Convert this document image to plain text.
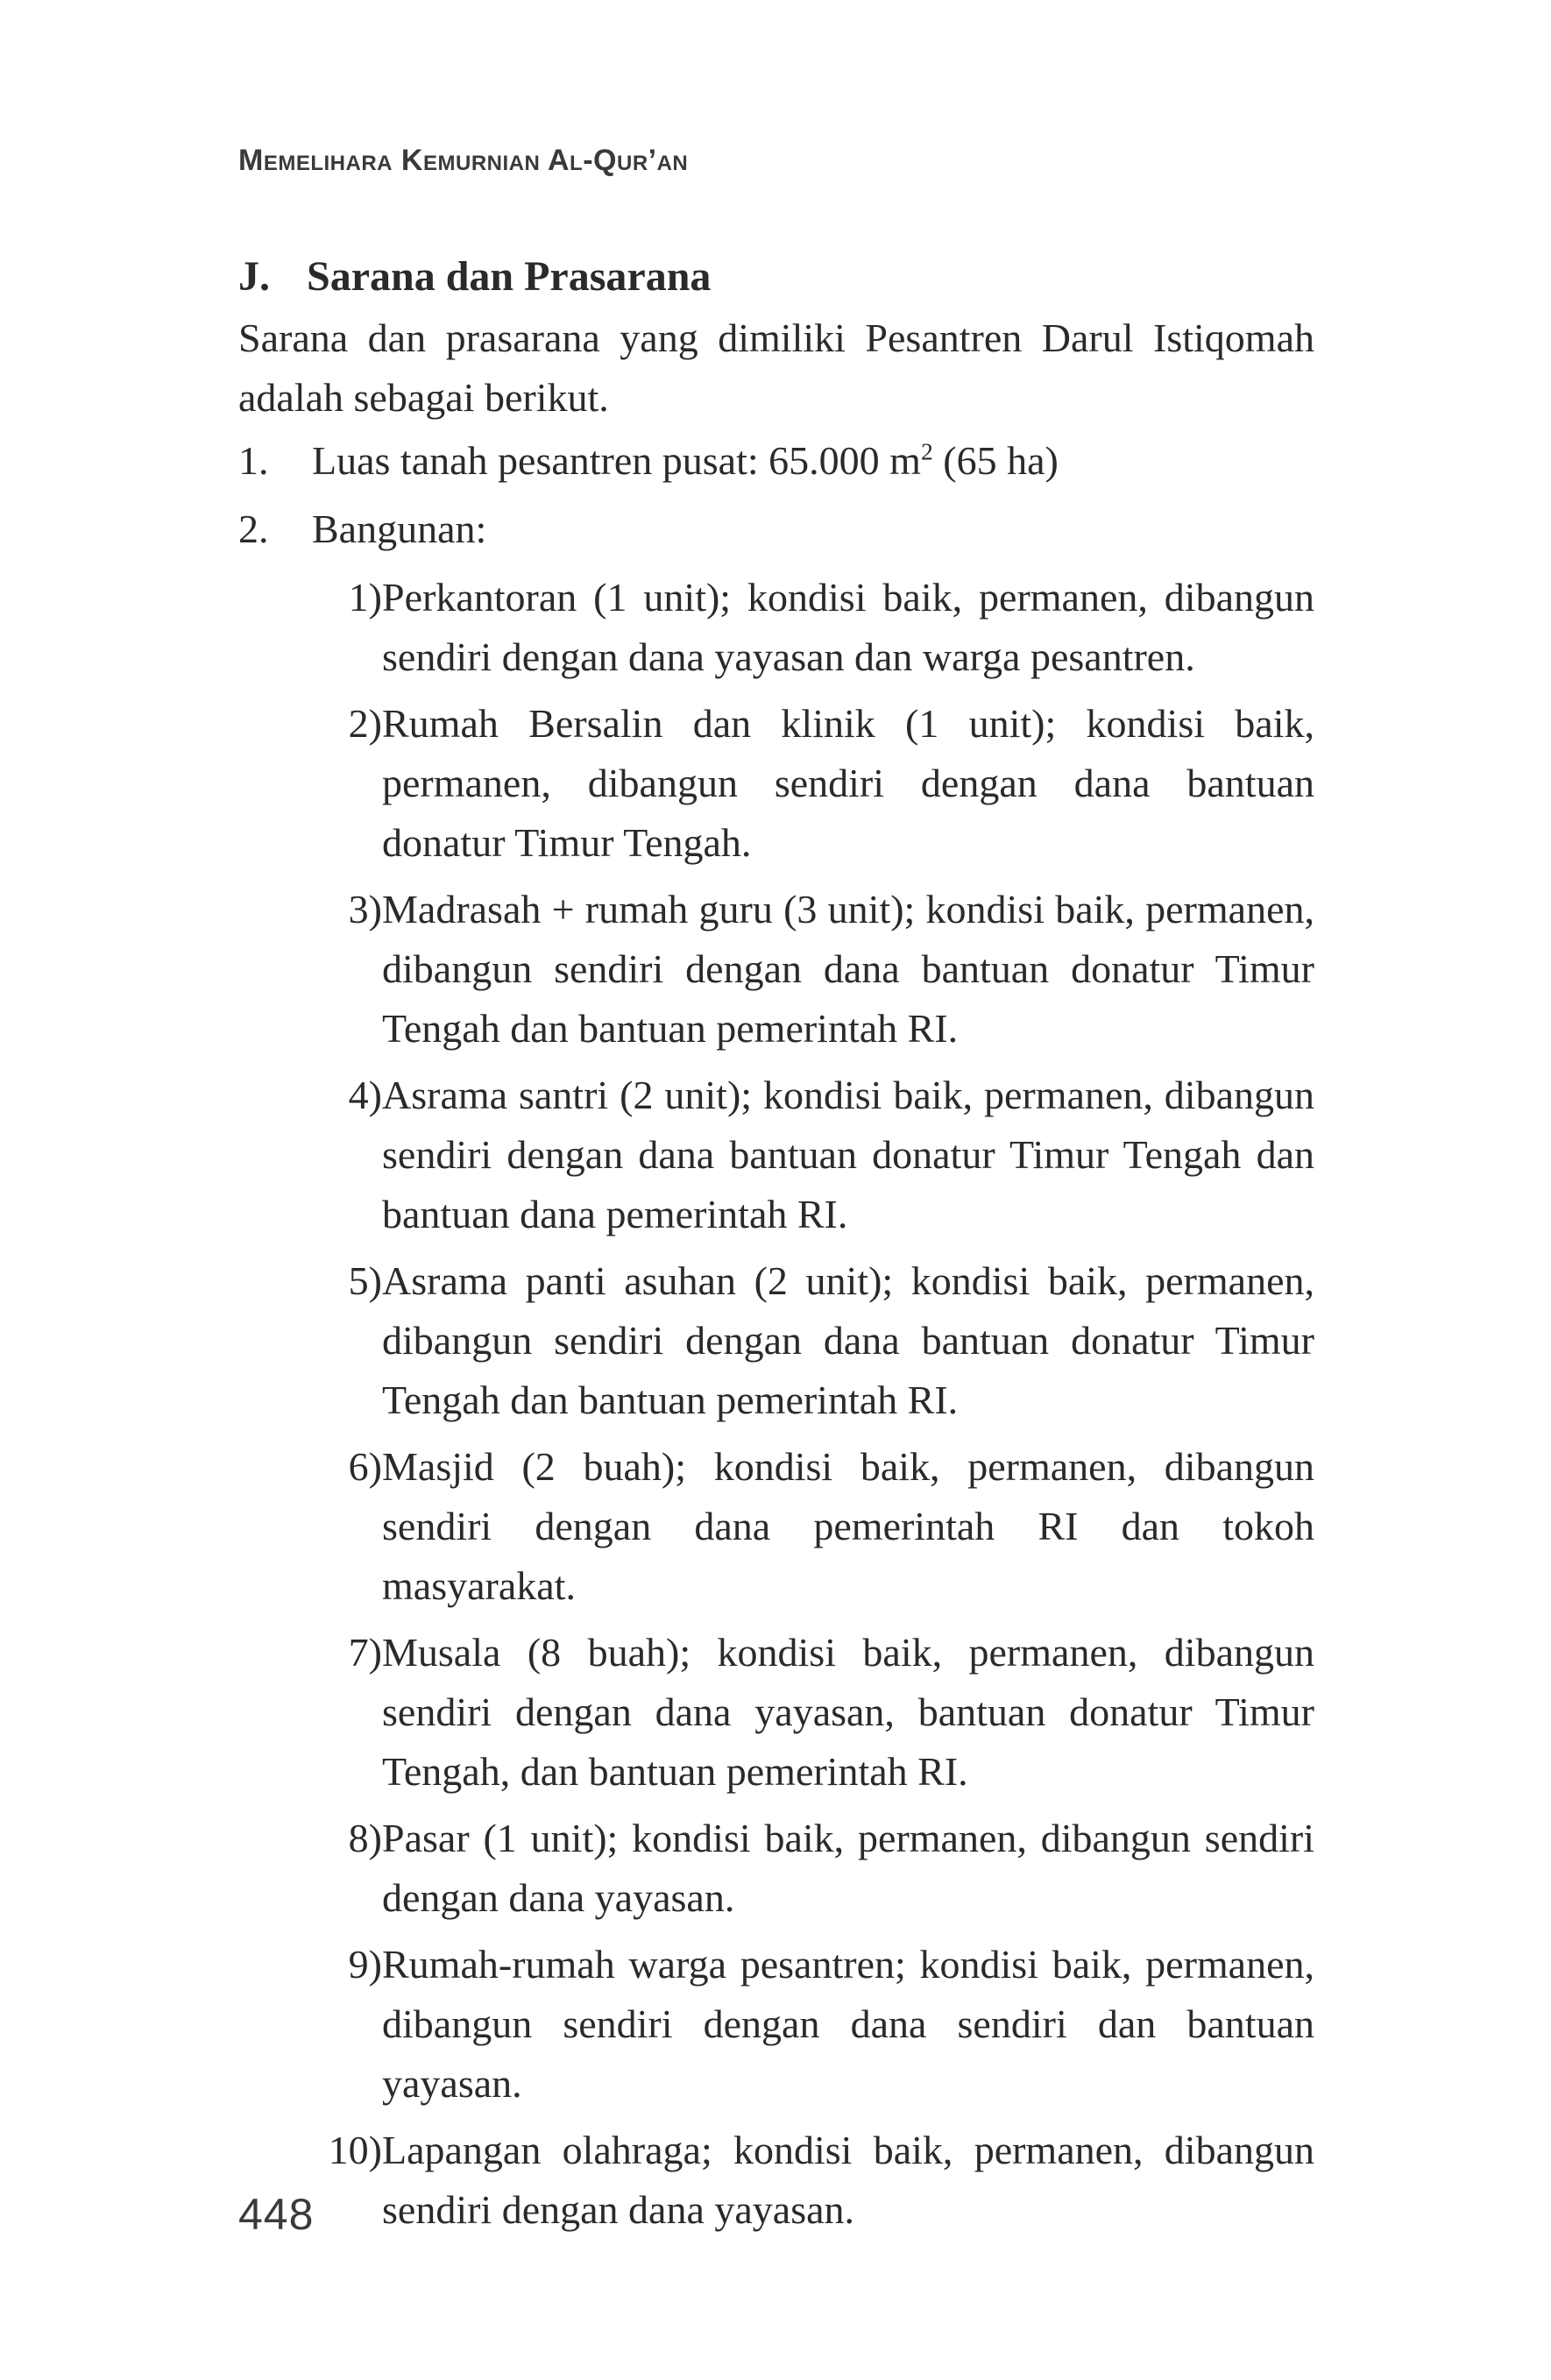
Memelihara Kemurnian Al-Qur’an
J. Sarana dan Prasarana

Sarana dan prasarana yang dimiliki Pesantren Darul Istiqomah adalah sebagai berikut.

1.	Luas tanah pesantren pusat: 65.000 $m^2$ (65 ha)
2.	Bangunan:
1) Perkantoran (1 unit); kondisi baik, permanen, dibangun sendiri dengan dana yayasan dan warga pesantren.
2) Rumah Bersalin dan klinik (1 unit); kondisi baik, permanen, dibangun sendiri dengan dana bantuan donatur Timur Tengah.
3) Madrasah + rumah guru (3 unit); kondisi baik, permanen, dibangun sendiri dengan dana bantuan donatur Timur Tengah dan bantuan pemerintah RI.
4) Asrama santri (2 unit); kondisi baik, permanen, dibangun sendiri dengan dana bantuan donatur Timur Tengah dan bantuan dana pemerintah RI.
5) Asrama panti asuhan (2 unit); kondisi baik, permanen, dibangun sendiri dengan dana bantuan donatur Timur Tengah dan bantuan pemerintah RI.
6) Masjid (2 buah); kondisi baik, permanen, dibangun sendiri dengan dana pemerintah RI dan tokoh masyarakat.
7) Musala (8 buah); kondisi baik, permanen, dibangun sendiri dengan dana yayasan, bantuan donatur Timur Tengah, dan bantuan pemerintah RI.
8) Pasar (1 unit); kondisi baik, permanen, dibangun sendiri dengan dana yayasan.
9) Rumah-rumah warga pesantren; kondisi baik, permanen, dibangun sendiri dengan dana sendiri dan bantuan yayasan.
10) Lapangan olahraga; kondisi baik, permanen, dibangun sendiri dengan dana yayasan.
448
